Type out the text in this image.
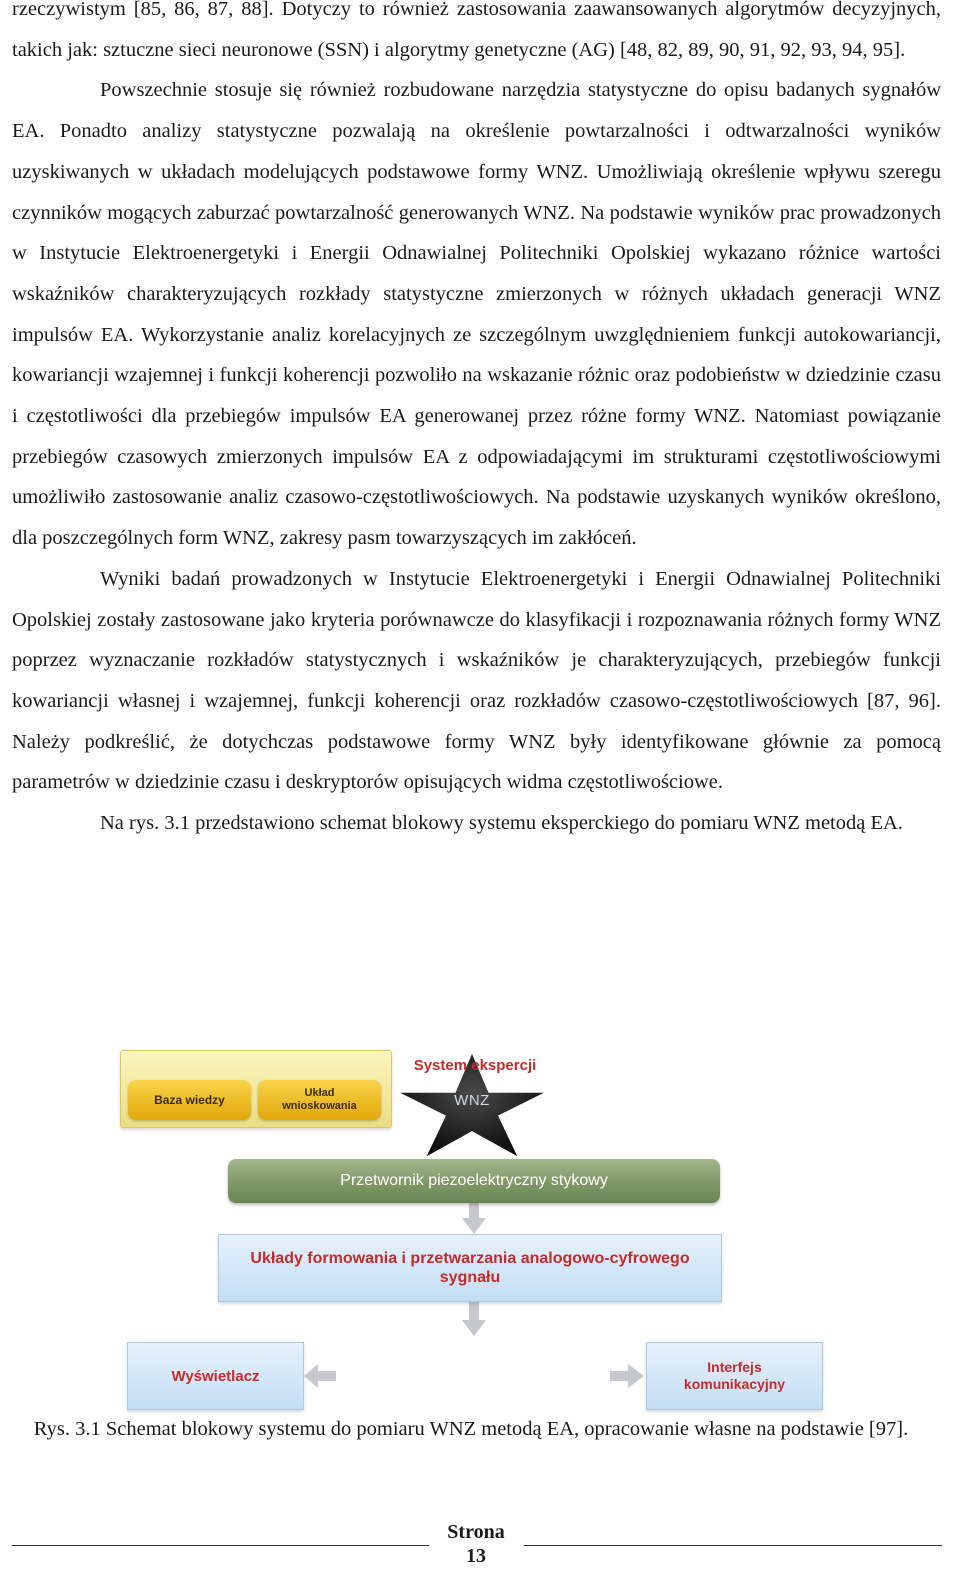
rzeczywistym [85, 86, 87, 88]. Dotyczy to również zastosowania zaawansowanych algorytmów decyzyjnych, takich jak: sztuczne sieci neuronowe (SSN) i algorytmy genetyczne (AG) [48, 82, 89, 90, 91, 92, 93, 94, 95].

Powszechnie stosuje się również rozbudowane narzędzia statystyczne do opisu badanych sygnałów EA. Ponadto analizy statystyczne pozwalają na określenie powtarzalności i odtwarzalności wyników uzyskiwanych w układach modelujących podstawowe formy WNZ. Umożliwiają określenie wpływu szeregu czynników mogących zaburzać powtarzalność generowanych WNZ. Na podstawie wyników prac prowadzonych w Instytucie Elektroenergetyki i Energii Odnawialnej Politechniki Opolskiej wykazano różnice wartości wskaźników charakteryzujących rozkłady statystyczne zmierzonych w różnych układach generacji WNZ impulsów EA. Wykorzystanie analiz korelacyjnych ze szczególnym uwzględnieniem funkcji autokowariancji, kowariancji wzajemnej i funkcji koherencji pozwoliło na wskazanie różnic oraz podobieństw w dziedzinie czasu i częstotliwości dla przebiegów impulsów EA generowanej przez różne formy WNZ. Natomiast powiązanie przebiegów czasowych zmierzonych impulsów EA z odpowiadającymi im strukturami częstotliwościowymi umożliwiło zastosowanie analiz czasowo-częstotliwościowych. Na podstawie uzyskanych wyników określono, dla poszczególnych form WNZ, zakresy pasm towarzyszących im zakłóceń.

Wyniki badań prowadzonych w Instytucie Elektroenergetyki i Energii Odnawialnej Politechniki Opolskiej zostały zastosowane jako kryteria porównawcze do klasyfikacji i rozpoznawania różnych formy WNZ poprzez wyznaczanie rozkładów statystycznych i wskaźników je charakteryzujących, przebiegów funkcji kowariancji własnej i wzajemnej, funkcji koherencji oraz rozkładów czasowo-częstotliwościowych [87, 96]. Należy podkreślić, że dotychczas podstawowe formy WNZ były identyfikowane głównie za pomocą parametrów w dziedzinie czasu i deskryptorów opisujących widma częstotliwościowe.

Na rys. 3.1 przedstawiono schemat blokowy systemu eksperckiego do pomiaru WNZ metodą EA.

WNZ
Przetwornik piezoelektryczny stykowy
Układy formowania i przetwarzania analogowo-cyfrowego sygnału
Wyświetlacz
System ekspercji
Baza wiedzy	Układ wnioskowania
Interfejs komunikacyjny
Rys. 3.1 Schemat blokowy systemu do pomiaru WNZ metodą EA, opracowanie własne na podstawie [97].
Strona
13
